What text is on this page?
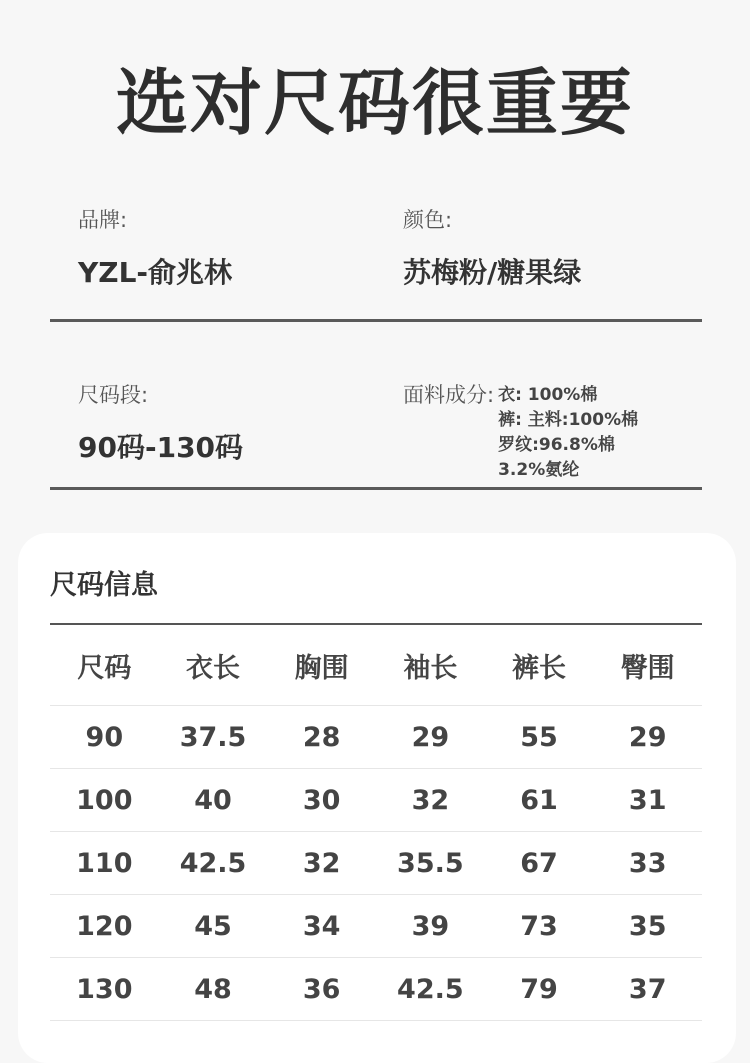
选对尺码很重要
品牌:
YZL-俞兆林
颜色:
苏梅粉/糖果绿
尺码段:
90码-130码
面料成分: 衣: 100%棉
裤: 主料:100%棉
罗纹:96.8%棉
3.2%氨纶
尺码信息
尺码	衣长	胸围	袖长	裤长	臀围
90	37.5	28	29	55	29
100	40	30	32	61	31
110	42.5	32	35.5	67	33
120	45	34	39	73	35
130	48	36	42.5	79	37
